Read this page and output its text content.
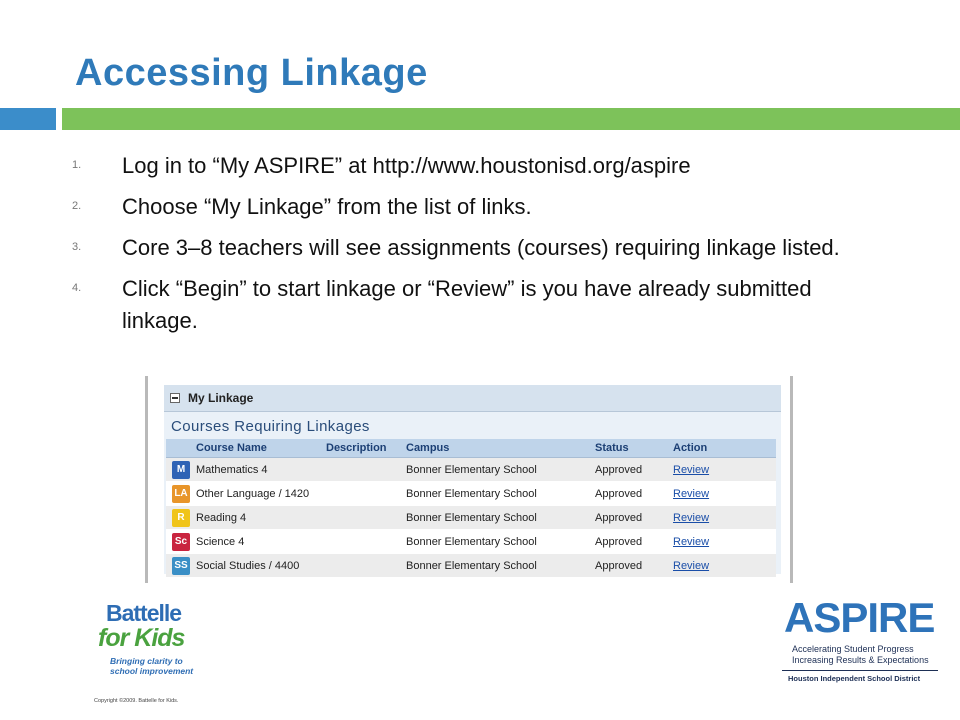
Accessing Linkage
1. Log in to “My ASPIRE” at http://www.houstonisd.org/aspire
2. Choose “My Linkage” from the list of links.
3. Core 3–8 teachers will see assignments (courses) requiring linkage listed.
4. Click “Begin” to start linkage or “Review” is you have already submitted linkage.
My Linkage
Courses Requiring Linkages
	Course Name	Description	Campus	Status	Action
M	Mathematics 4		Bonner Elementary School	Approved	Review
LA	Other Language / 1420		Bonner Elementary School	Approved	Review
R	Reading 4		Bonner Elementary School	Approved	Review
Sc	Science 4		Bonner Elementary School	Approved	Review
SS	Social Studies / 4400		Bonner Elementary School	Approved	Review
Battelle
for Kids
Bringing clarity to school improvement
Copyright ©2009. Battelle for Kids.
ASPIRE
Accelerating Student Progress
Increasing Results & Expectations
Houston Independent School District
